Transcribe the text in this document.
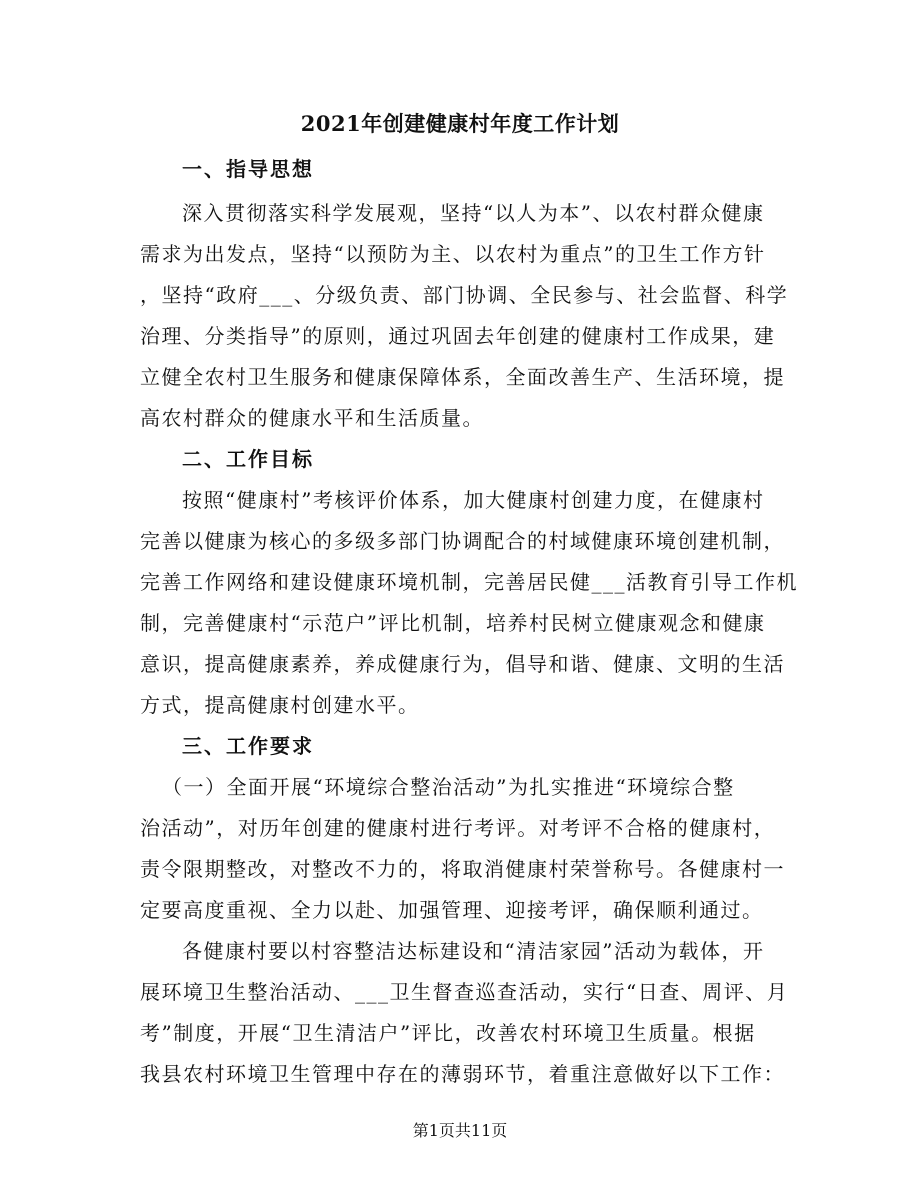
2021年创建健康村年度工作计划
一、指导思想

深入贯彻落实科学发展观，坚持“以人为本”、以农村群众健康

需求为出发点，坚持“以预防为主、以农村为重点”的卫生工作方针

，坚持“政府___、分级负责、部门协调、全民参与、社会监督、科学

治理、分类指导”的原则，通过巩固去年创建的健康村工作成果，建

立健全农村卫生服务和健康保障体系，全面改善生产、生活环境，提

高农村群众的健康水平和生活质量。

二、工作目标

按照“健康村”考核评价体系，加大健康村创建力度，在健康村

完善以健康为核心的多级多部门协调配合的村域健康环境创建机制，

完善工作网络和建设健康环境机制，完善居民健___活教育引导工作机

制，完善健康村“示范户”评比机制，培养村民树立健康观念和健康

意识，提高健康素养，养成健康行为，倡导和谐、健康、文明的生活

方式，提高健康村创建水平。

三、工作要求

（一）全面开展“环境综合整治活动”为扎实推进“环境综合整

治活动”，对历年创建的健康村进行考评。对考评不合格的健康村，

责令限期整改，对整改不力的，将取消健康村荣誉称号。各健康村一

定要高度重视、全力以赴、加强管理、迎接考评，确保顺利通过。

各健康村要以村容整洁达标建设和“清洁家园”活动为载体，开

展环境卫生整治活动、___卫生督查巡查活动，实行“日查、周评、月

考”制度，开展“卫生清洁户”评比，改善农村环境卫生质量。根据

我县农村环境卫生管理中存在的薄弱环节，着重注意做好以下工作：

第1页共11页
